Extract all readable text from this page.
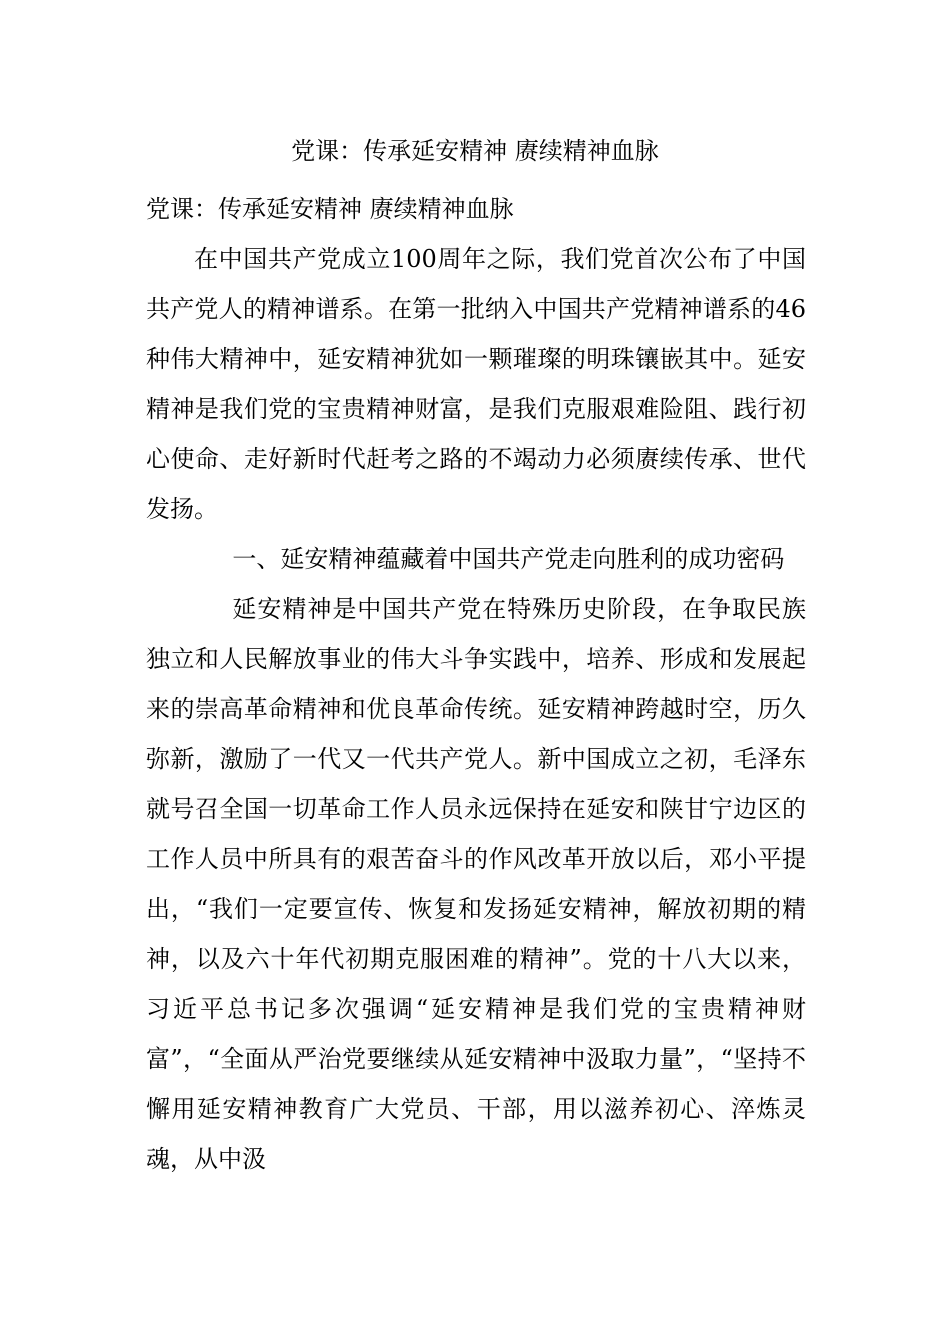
党课：传承延安精神 赓续精神血脉

党课：传承延安精神 赓续精神血脉

在中国共产党成立100周年之际，我们党首次公布了中国共产党人的精神谱系。在第一批纳入中国共产党精神谱系的46种伟大精神中，延安精神犹如一颗璀璨的明珠镶嵌其中。延安精神是我们党的宝贵精神财富，是我们克服艰难险阻、践行初心使命、走好新时代赶考之路的不竭动力必须赓续传承、世代发扬。

一、延安精神蕴藏着中国共产党走向胜利的成功密码

延安精神是中国共产党在特殊历史阶段，在争取民族独立和人民解放事业的伟大斗争实践中，培养、形成和发展起来的崇高革命精神和优良革命传统。延安精神跨越时空，历久弥新，激励了一代又一代共产党人。新中国成立之初，毛泽东就号召全国一切革命工作人员永远保持在延安和陕甘宁边区的工作人员中所具有的艰苦奋斗的作风改革开放以后，邓小平提出，“我们一定要宣传、恢复和发扬延安精神，解放初期的精神，以及六十年代初期克服困难的精神”。党的十八大以来，习近平总书记多次强调“延安精神是我们党的宝贵精神财富”，“全面从严治党要继续从延安精神中汲取力量”，“坚持不懈用延安精神教育广大党员、干部，用以滋养初心、淬炼灵魂，从中汲
